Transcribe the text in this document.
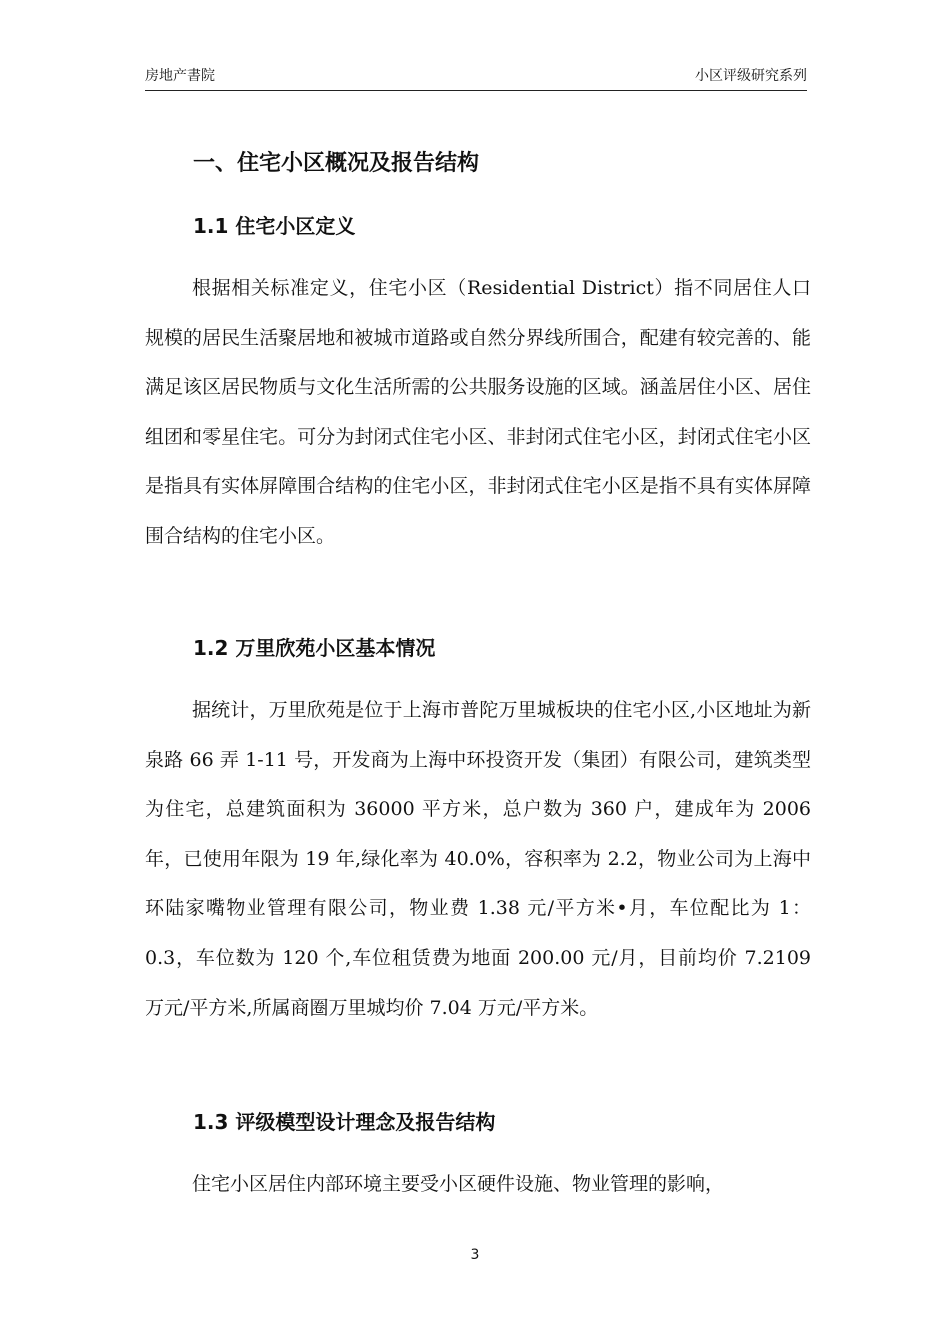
房地产書院	小区评级研究系列
一、住宅小区概况及报告结构
1.1 住宅小区定义

根据相关标准定义，住宅小区（Residential District）指不同居住人口规模的居民生活聚居地和被城市道路或自然分界线所围合，配建有较完善的、能满足该区居民物质与文化生活所需的公共服务设施的区域。涵盖居住小区、居住组团和零星住宅。可分为封闭式住宅小区、非封闭式住宅小区，封闭式住宅小区是指具有实体屏障围合结构的住宅小区，非封闭式住宅小区是指不具有实体屏障围合结构的住宅小区。

1.2 万里欣苑小区基本情况

据统计，万里欣苑是位于上海市普陀万里城板块的住宅小区,小区地址为新泉路 66 弄 1-11 号，开发商为上海中环投资开发（集团）有限公司，建筑类型为住宅，总建筑面积为 36000 平方米，总户数为 360 户，建成年为 2006 年，已使用年限为 19 年,绿化率为 40.0%，容积率为 2.2，物业公司为上海中环陆家嘴物业管理有限公司，物业费 1.38 元/平方米•月，车位配比为 1：0.3，车位数为 120 个,车位租赁费为地面 200.00 元/月，目前均价 7.2109 万元/平方米,所属商圈万里城均价 7.04 万元/平方米。

1.3 评级模型设计理念及报告结构

住宅小区居住内部环境主要受小区硬件设施、物业管理的影响，

3
